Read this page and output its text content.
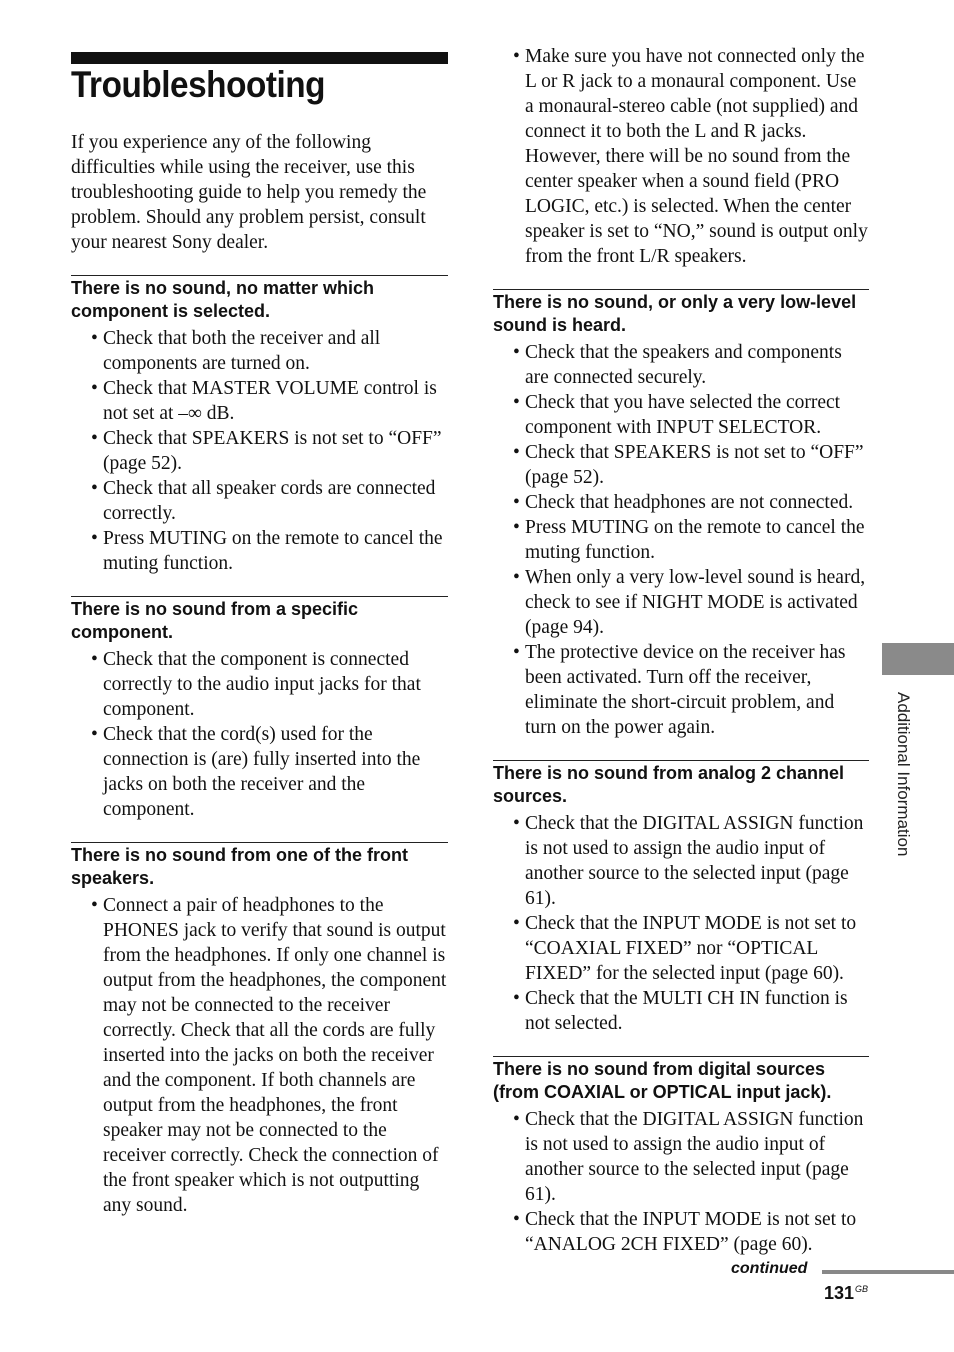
Troubleshooting

If you experience any of the following difficulties while using the receiver, use this troubleshooting guide to help you remedy the problem. Should any problem persist, consult your nearest Sony dealer.

There is no sound, no matter which component is selected.
• Check that both the receiver and all components are turned on.
• Check that MASTER VOLUME control is not set at –∞ dB.
• Check that SPEAKERS is not set to “OFF” (page 52).
• Check that all speaker cords are connected correctly.
• Press MUTING on the remote to cancel the muting function.
There is no sound from a specific component.
• Check that the component is connected correctly to the audio input jacks for that component.
• Check that the cord(s) used for the connection is (are) fully inserted into the jacks on both the receiver and the component.
There is no sound from one of the front speakers.
• Connect a pair of headphones to the PHONES jack to verify that sound is output from the headphones. If only one channel is output from the headphones, the component may not be connected to the receiver correctly. Check that all the cords are fully inserted into the jacks on both the receiver and the component. If both channels are output from the headphones, the front speaker may not be connected to the receiver correctly. Check the connection of the front speaker which is not outputting any sound.
• Make sure you have not connected only the L or R jack to a monaural component. Use a monaural-stereo cable (not supplied) and connect it to both the L and R jacks. However, there will be no sound from the center speaker when a sound field (PRO LOGIC, etc.) is selected. When the center speaker is set to “NO,” sound is output only from the front L/R speakers.
There is no sound, or only a very low-level sound is heard.
• Check that the speakers and components are connected securely.
• Check that you have selected the correct component with INPUT SELECTOR.
• Check that SPEAKERS is not set to “OFF” (page 52).
• Check that headphones are not connected.
• Press MUTING on the remote to cancel the muting function.
• When only a very low-level sound is heard, check to see if NIGHT MODE is activated (page 94).
• The protective device on the receiver has been activated. Turn off the receiver, eliminate the short-circuit problem, and turn on the power again.
There is no sound from analog 2 channel sources.
• Check that the DIGITAL ASSIGN function is not used to assign the audio input of another source to the selected input (page 61).
• Check that the INPUT MODE is not set to “COAXIAL FIXED” nor “OPTICAL FIXED” for the selected input (page 60).
• Check that the MULTI CH IN function is not selected.
There is no sound from digital sources (from COAXIAL or OPTICAL input jack).
• Check that the DIGITAL ASSIGN function is not used to assign the audio input of another source to the selected input (page 61).
• Check that the INPUT MODE is not set to “ANALOG 2CH FIXED” (page 60).
Additional Information
continued
$131^{GB}$
